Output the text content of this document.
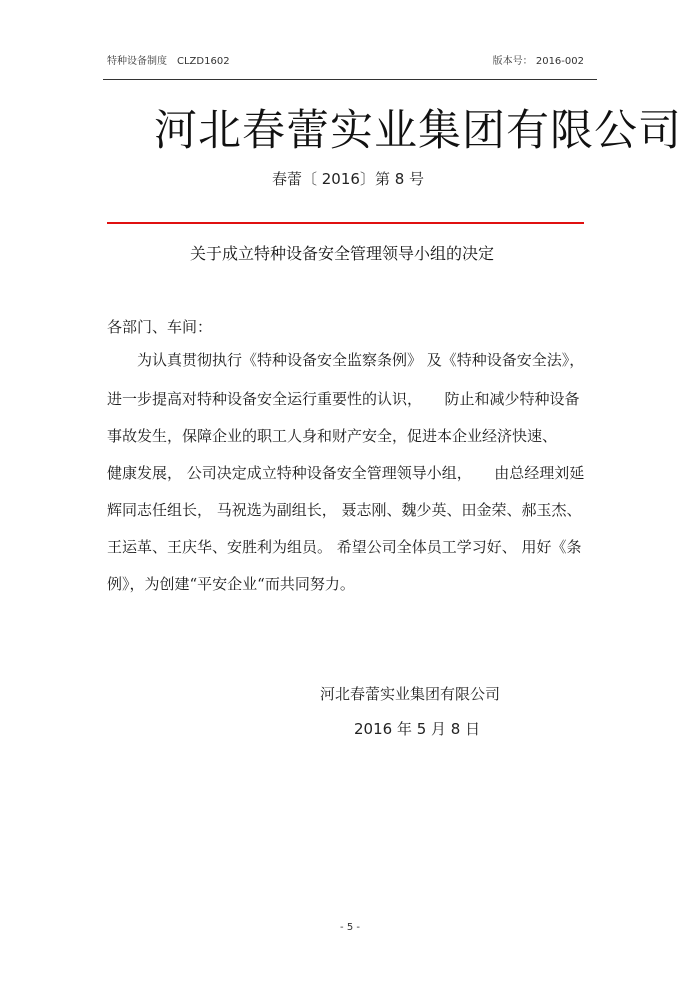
特种设备制度　CLZD1602	版本号： 2016-002
河北春蕾实业集团有限公司
春蕾〔 2016〕第 8 号
关于成立特种设备安全管理领导小组的决定
各部门、车间：
　　为认真贯彻执行《特种设备安全监察条例》 及《特种设备安全法》，
进一步提高对特种设备安全运行重要性的认识，　　防止和减少特种设备
事故发生，保障企业的职工人身和财产安全，促进本企业经济快速、
健康发展， 公司决定成立特种设备安全管理领导小组，　　由总经理刘延
辉同志任组长， 马祝选为副组长， 聂志刚、魏少英、田金荣、郝玉杰、
王运革、王庆华、安胜利为组员。 希望公司全体员工学习好、 用好《条
例》，为创建“平安企业“而共同努力。
河北春蕾实业集团有限公司
2016 年 5 月 8 日
- 5 -
